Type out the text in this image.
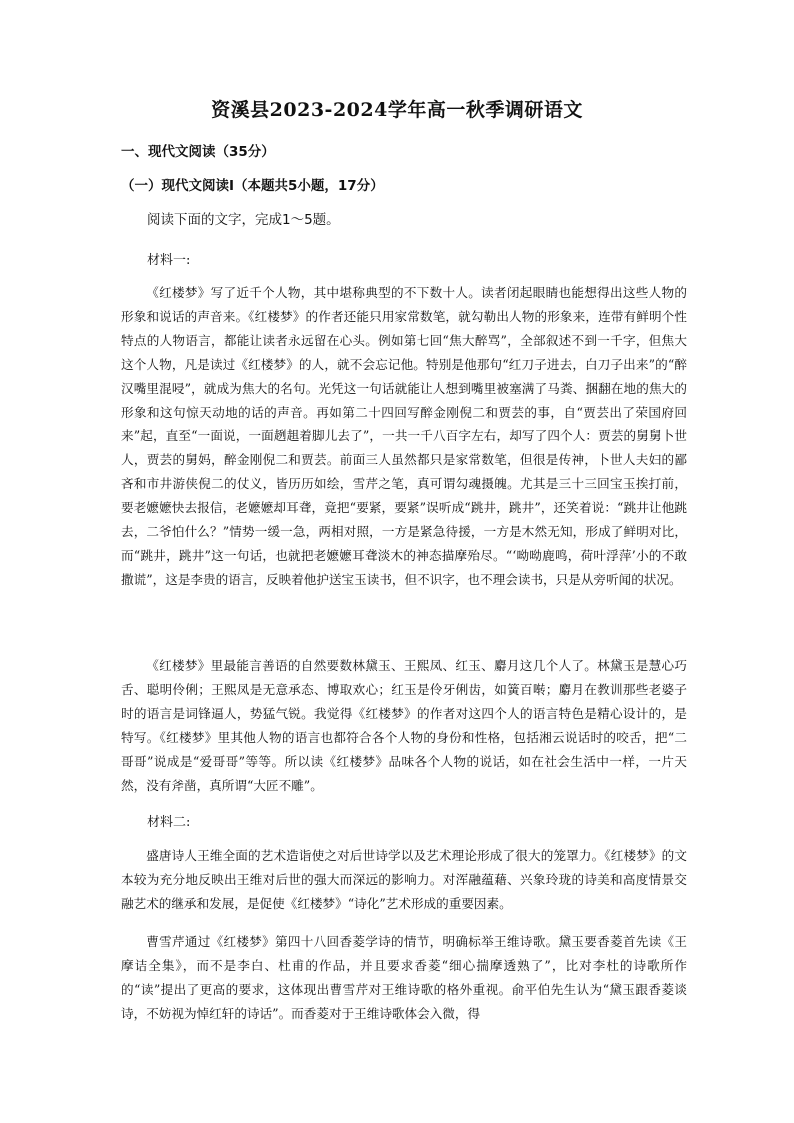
资溪县2023-2024学年高一秋季调研语文
一、现代文阅读（35分）
（一）现代文阅读Ⅰ（本题共5小题，17分）
阅读下面的文字，完成1～5题。
材料一:

《红楼梦》写了近千个人物，其中堪称典型的不下数十人。读者闭起眼睛也能想得出这些人物的形象和说话的声音来。《红楼梦》的作者还能只用家常数笔，就勾勒出人物的形象来，连带有鲜明个性特点的人物语言，都能让读者永远留在心头。例如第七回“焦大醉骂”，全部叙述不到一千字，但焦大这个人物，凡是读过《红楼梦》的人，就不会忘记他。特别是他那句“红刀子进去，白刀子出来”的“醉汉嘴里混唚”，就成为焦大的名句。光凭这一句话就能让人想到嘴里被塞满了马粪、捆翻在地的焦大的形象和这句惊天动地的话的声音。再如第二十四回写醉金刚倪二和贾芸的事，自“贾芸出了荣国府回来”起，直至“一面说，一面趔趄着脚儿去了”，一共一千八百字左右，却写了四个人：贾芸的舅舅卜世人，贾芸的舅妈，醉金刚倪二和贾芸。前面三人虽然都只是家常数笔，但很是传神，卜世人夫妇的鄙吝和市井游侠倪二的仗义，皆历历如绘，雪芹之笔，真可谓勾魂摄魄。尤其是三十三回宝玉挨打前，要老嬷嬷快去报信，老嬷嬷却耳聋，竟把“要紧，要紧”误听成“跳井，跳井”，还笑着说：“跳井让他跳去，二爷怕什么？”情势一缓一急，两相对照，一方是紧急待援，一方是木然无知，形成了鲜明对比，而“跳井，跳井”这一句话，也就把老嬷嬷耳聋淡木的神态描摩殆尽。“‘呦呦鹿鸣，荷叶浮萍’小的不敢撒谎”，这是李贵的语言，反映着他护送宝玉读书，但不识字，也不理会读书，只是从旁听闻的状况。

《红楼梦》里最能言善语的自然要数林黛玉、王熙凤、红玉、麝月这几个人了。林黛玉是慧心巧舌、聪明伶俐；王熙凤是无意承态、博取欢心；红玉是伶牙俐齿，如簧百啭；麝月在教训那些老婆子时的语言是词锋逼人，势猛气锐。我觉得《红楼梦》的作者对这四个人的语言特色是精心设计的，是特写。《红楼梦》里其他人物的语言也都符合各个人物的身份和性格，包括湘云说话时的咬舌，把“二哥哥”说成是“爱哥哥”等等。所以读《红楼梦》品味各个人物的说话，如在社会生活中一样，一片天然，没有斧凿，真所谓“大匠不雕”。

材料二:

盛唐诗人王维全面的艺术造诣使之对后世诗学以及艺术理论形成了很大的笼罩力。《红楼梦》的文本较为充分地反映出王维对后世的强大而深远的影响力。对浑融蕴藉、兴象玲珑的诗美和高度情景交融艺术的继承和发展，是促使《红楼梦》“诗化”艺术形成的重要因素。

曹雪芹通过《红楼梦》第四十八回香菱学诗的情节，明确标举王维诗歌。黛玉要香菱首先读《王摩诘全集》，而不是李白、杜甫的作品，并且要求香菱“细心揣摩透熟了”，比对李杜的诗歌所作的“读”提出了更高的要求，这体现出曹雪芹对王维诗歌的格外重视。俞平伯先生认为“黛玉跟香菱谈诗，不妨视为悼红轩的诗话”。而香菱对于王维诗歌体会入微，得
